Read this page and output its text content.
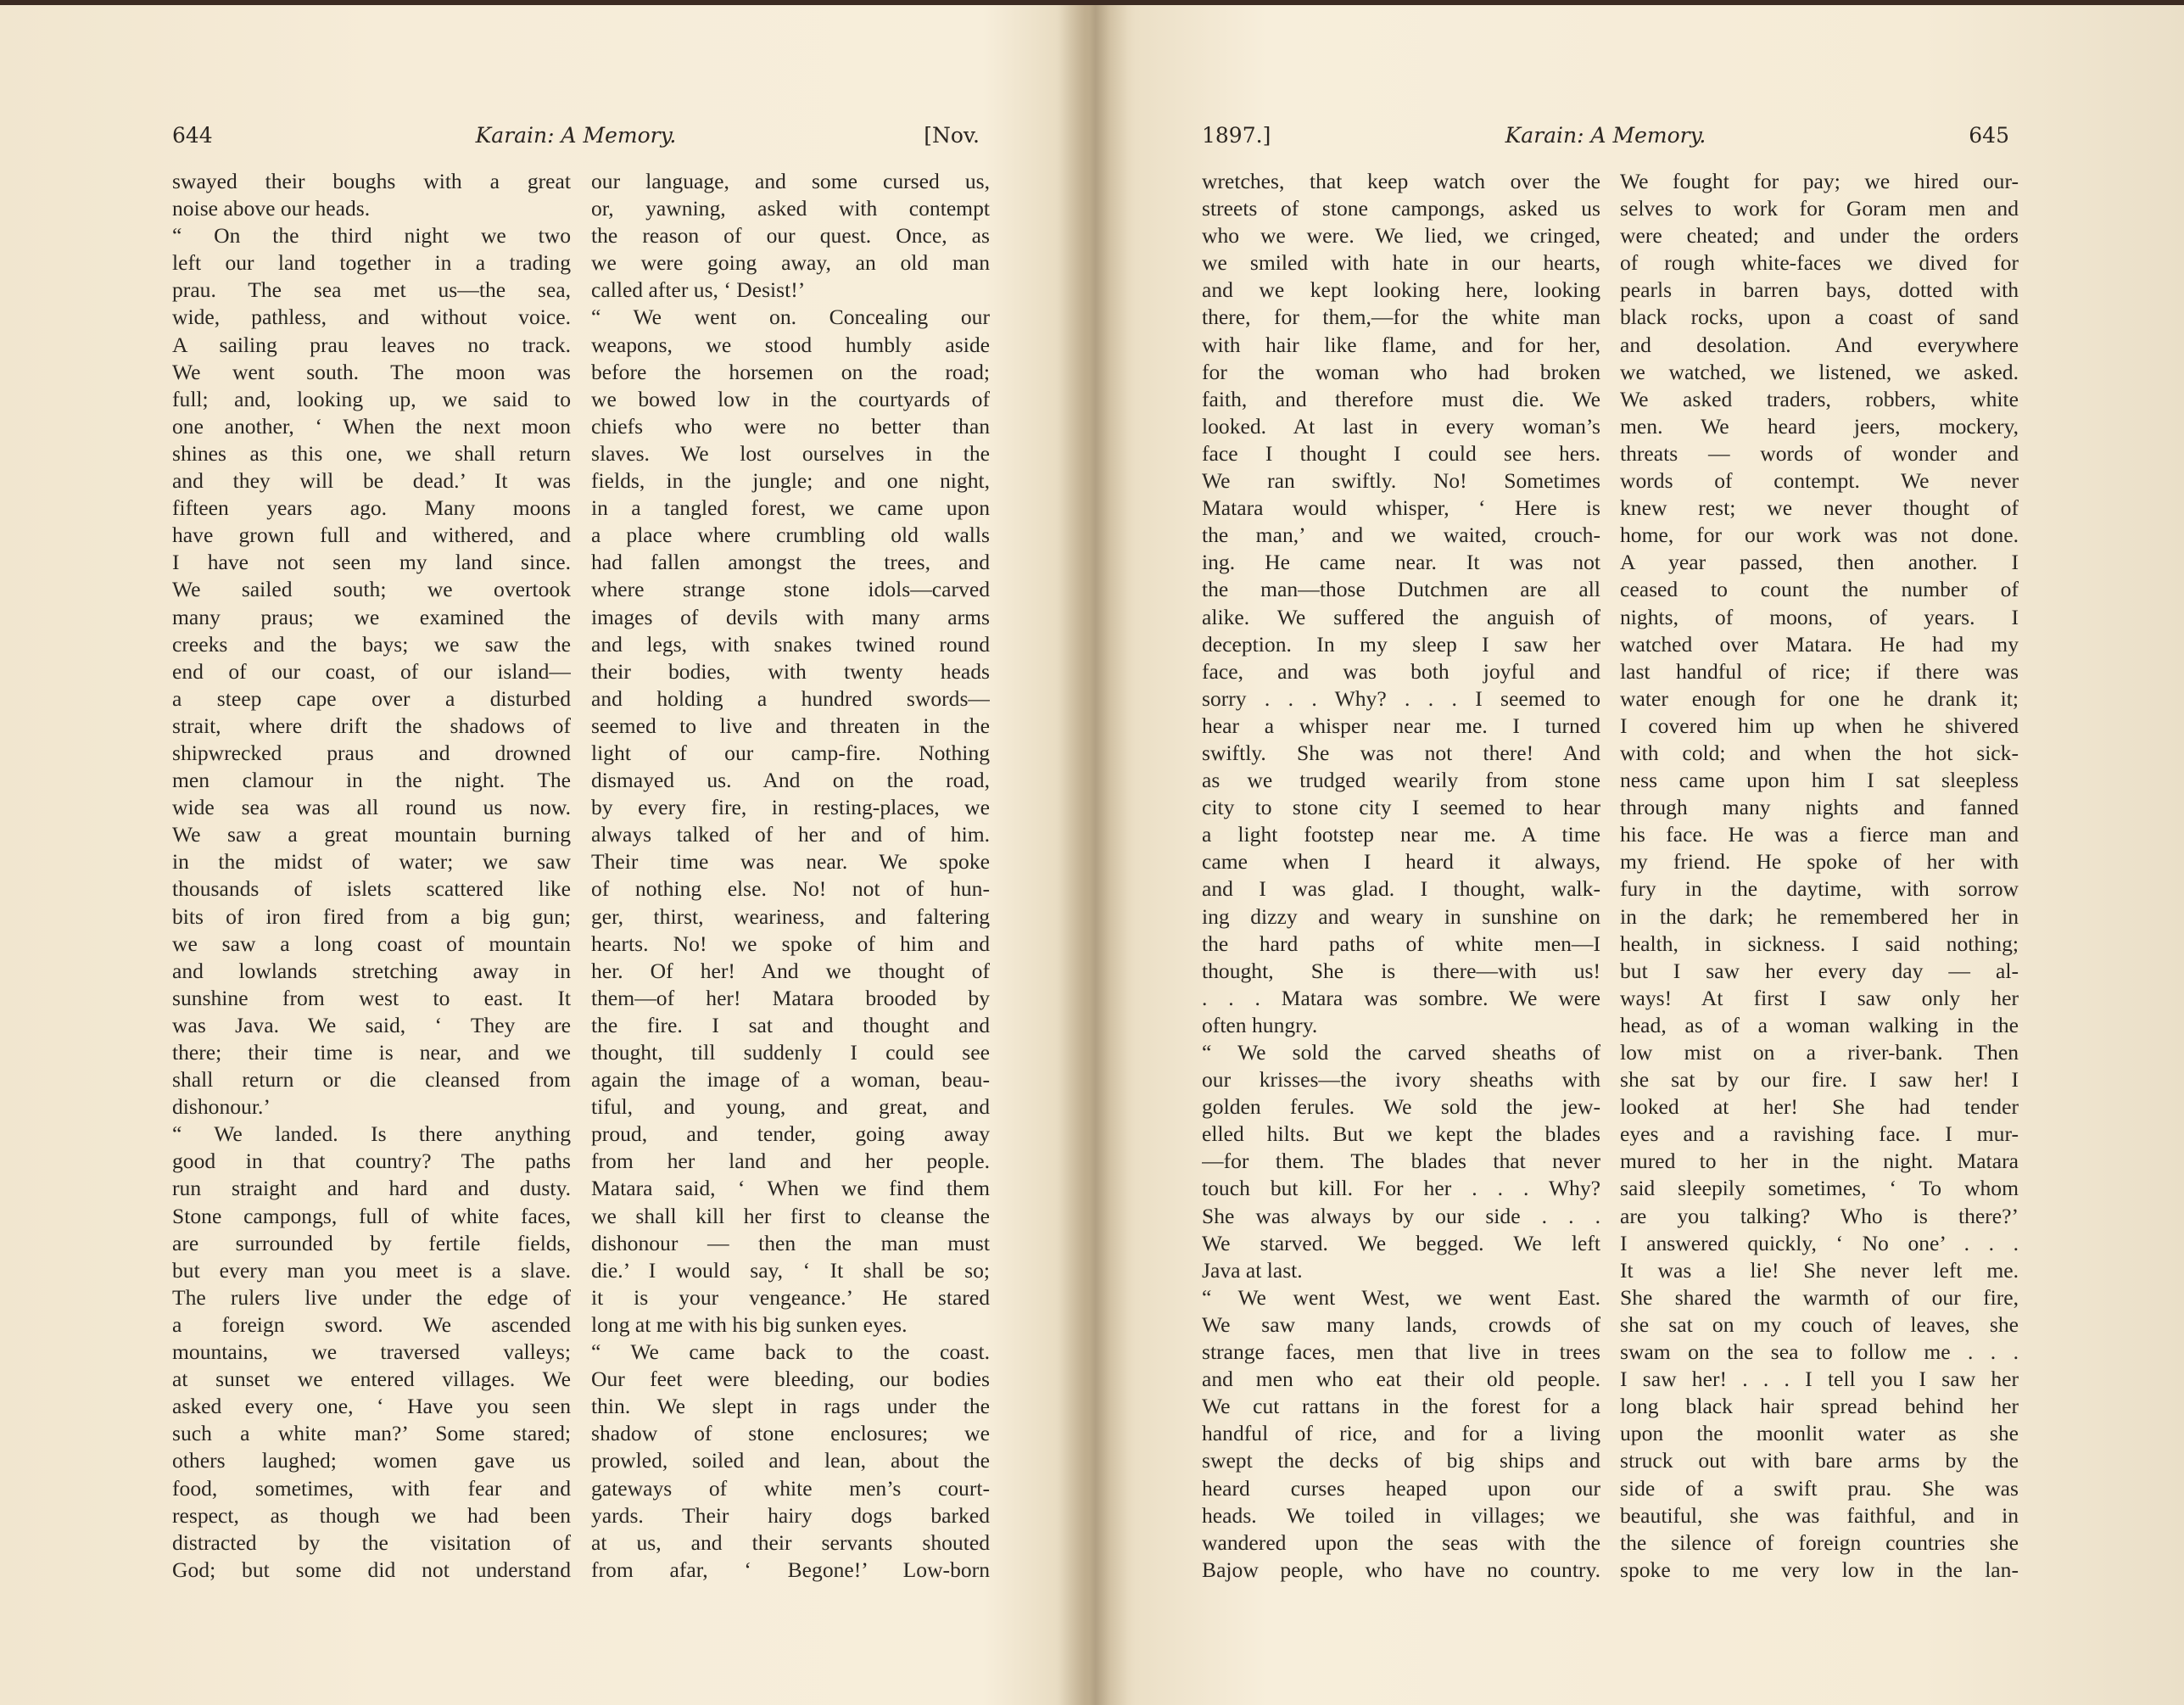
644	Karain: A Memory.	[Nov.

swayed their boughs with a great

noise above our heads.

“ On the third night we two

left our land together in a trading

prau. The sea met us—the sea,

wide, pathless, and without voice.

A sailing prau leaves no track.

We went south. The moon was

full; and, looking up, we said to

one another, ‘ When the next moon

shines as this one, we shall return

and they will be dead.’ It was

fifteen years ago. Many moons

have grown full and withered, and

I have not seen my land since.

We sailed south; we overtook

many praus; we examined the

creeks and the bays; we saw the

end of our coast, of our island—

a steep cape over a disturbed

strait, where drift the shadows of

shipwrecked praus and drowned

men clamour in the night. The

wide sea was all round us now.

We saw a great mountain burning

in the midst of water; we saw

thousands of islets scattered like

bits of iron fired from a big gun;

we saw a long coast of mountain

and lowlands stretching away in

sunshine from west to east. It

was Java. We said, ‘ They are

there; their time is near, and we

shall return or die cleansed from

dishonour.’

“ We landed. Is there anything

good in that country? The paths

run straight and hard and dusty.

Stone campongs, full of white faces,

are surrounded by fertile fields,

but every man you meet is a slave.

The rulers live under the edge of

a foreign sword. We ascended

mountains, we traversed valleys;

at sunset we entered villages. We

asked every one, ‘ Have you seen

such a white man?’ Some stared;

others laughed; women gave us

food, sometimes, with fear and

respect, as though we had been

distracted by the visitation of

God; but some did not understand

our language, and some cursed us,

or, yawning, asked with contempt

the reason of our quest. Once, as

we were going away, an old man

called after us, ‘ Desist!’

“ We went on. Concealing our

weapons, we stood humbly aside

before the horsemen on the road;

we bowed low in the courtyards of

chiefs who were no better than

slaves. We lost ourselves in the

fields, in the jungle; and one night,

in a tangled forest, we came upon

a place where crumbling old walls

had fallen amongst the trees, and

where strange stone idols—carved

images of devils with many arms

and legs, with snakes twined round

their bodies, with twenty heads

and holding a hundred swords—

seemed to live and threaten in the

light of our camp-fire. Nothing

dismayed us. And on the road,

by every fire, in resting-places, we

always talked of her and of him.

Their time was near. We spoke

of nothing else. No! not of hun-

ger, thirst, weariness, and faltering

hearts. No! we spoke of him and

her. Of her! And we thought of

them—of her! Matara brooded by

the fire. I sat and thought and

thought, till suddenly I could see

again the image of a woman, beau-

tiful, and young, and great, and

proud, and tender, going away

from her land and her people.

Matara said, ‘ When we find them

we shall kill her first to cleanse the

dishonour — then the man must

die.’ I would say, ‘ It shall be so;

it is your vengeance.’ He stared

long at me with his big sunken eyes.

“ We came back to the coast.

Our feet were bleeding, our bodies

thin. We slept in rags under the

shadow of stone enclosures; we

prowled, soiled and lean, about the

gateways of white men’s court-

yards. Their hairy dogs barked

at us, and their servants shouted

from afar, ‘ Begone!’ Low-born

1897.]	Karain: A Memory.	645

wretches, that keep watch over the

streets of stone campongs, asked us

who we were. We lied, we cringed,

we smiled with hate in our hearts,

and we kept looking here, looking

there, for them,—for the white man

with hair like flame, and for her,

for the woman who had broken

faith, and therefore must die. We

looked. At last in every woman’s

face I thought I could see hers.

We ran swiftly. No! Sometimes

Matara would whisper, ‘ Here is

the man,’ and we waited, crouch-

ing. He came near. It was not

the man—those Dutchmen are all

alike. We suffered the anguish of

deception. In my sleep I saw her

face, and was both joyful and

sorry . . . Why? . . . I seemed to

hear a whisper near me. I turned

swiftly. She was not there! And

as we trudged wearily from stone

city to stone city I seemed to hear

a light footstep near me. A time

came when I heard it always,

and I was glad. I thought, walk-

ing dizzy and weary in sunshine on

the hard paths of white men—I

thought, She is there—with us!

. . . Matara was sombre. We were

often hungry.

“ We sold the carved sheaths of

our krisses—the ivory sheaths with

golden ferules. We sold the jew-

elled hilts. But we kept the blades

—for them. The blades that never

touch but kill. For her . . . Why?

She was always by our side . . .

We starved. We begged. We left

Java at last.

“ We went West, we went East.

We saw many lands, crowds of

strange faces, men that live in trees

and men who eat their old people.

We cut rattans in the forest for a

handful of rice, and for a living

swept the decks of big ships and

heard curses heaped upon our

heads. We toiled in villages; we

wandered upon the seas with the

Bajow people, who have no country.

We fought for pay; we hired our-

selves to work for Goram men and

were cheated; and under the orders

of rough white-faces we dived for

pearls in barren bays, dotted with

black rocks, upon a coast of sand

and desolation. And everywhere

we watched, we listened, we asked.

We asked traders, robbers, white

men. We heard jeers, mockery,

threats — words of wonder and

words of contempt. We never

knew rest; we never thought of

home, for our work was not done.

A year passed, then another. I

ceased to count the number of

nights, of moons, of years. I

watched over Matara. He had my

last handful of rice; if there was

water enough for one he drank it;

I covered him up when he shivered

with cold; and when the hot sick-

ness came upon him I sat sleepless

through many nights and fanned

his face. He was a fierce man and

my friend. He spoke of her with

fury in the daytime, with sorrow

in the dark; he remembered her in

health, in sickness. I said nothing;

but I saw her every day — al-

ways! At first I saw only her

head, as of a woman walking in the

low mist on a river-bank. Then

she sat by our fire. I saw her! I

looked at her! She had tender

eyes and a ravishing face. I mur-

mured to her in the night. Matara

said sleepily sometimes, ‘ To whom

are you talking? Who is there?’

I answered quickly, ‘ No one’ . . .

It was a lie! She never left me.

She shared the warmth of our fire,

she sat on my couch of leaves, she

swam on the sea to follow me . . .

I saw her! . . . I tell you I saw her

long black hair spread behind her

upon the moonlit water as she

struck out with bare arms by the

side of a swift prau. She was

beautiful, she was faithful, and in

the silence of foreign countries she

spoke to me very low in the lan-
